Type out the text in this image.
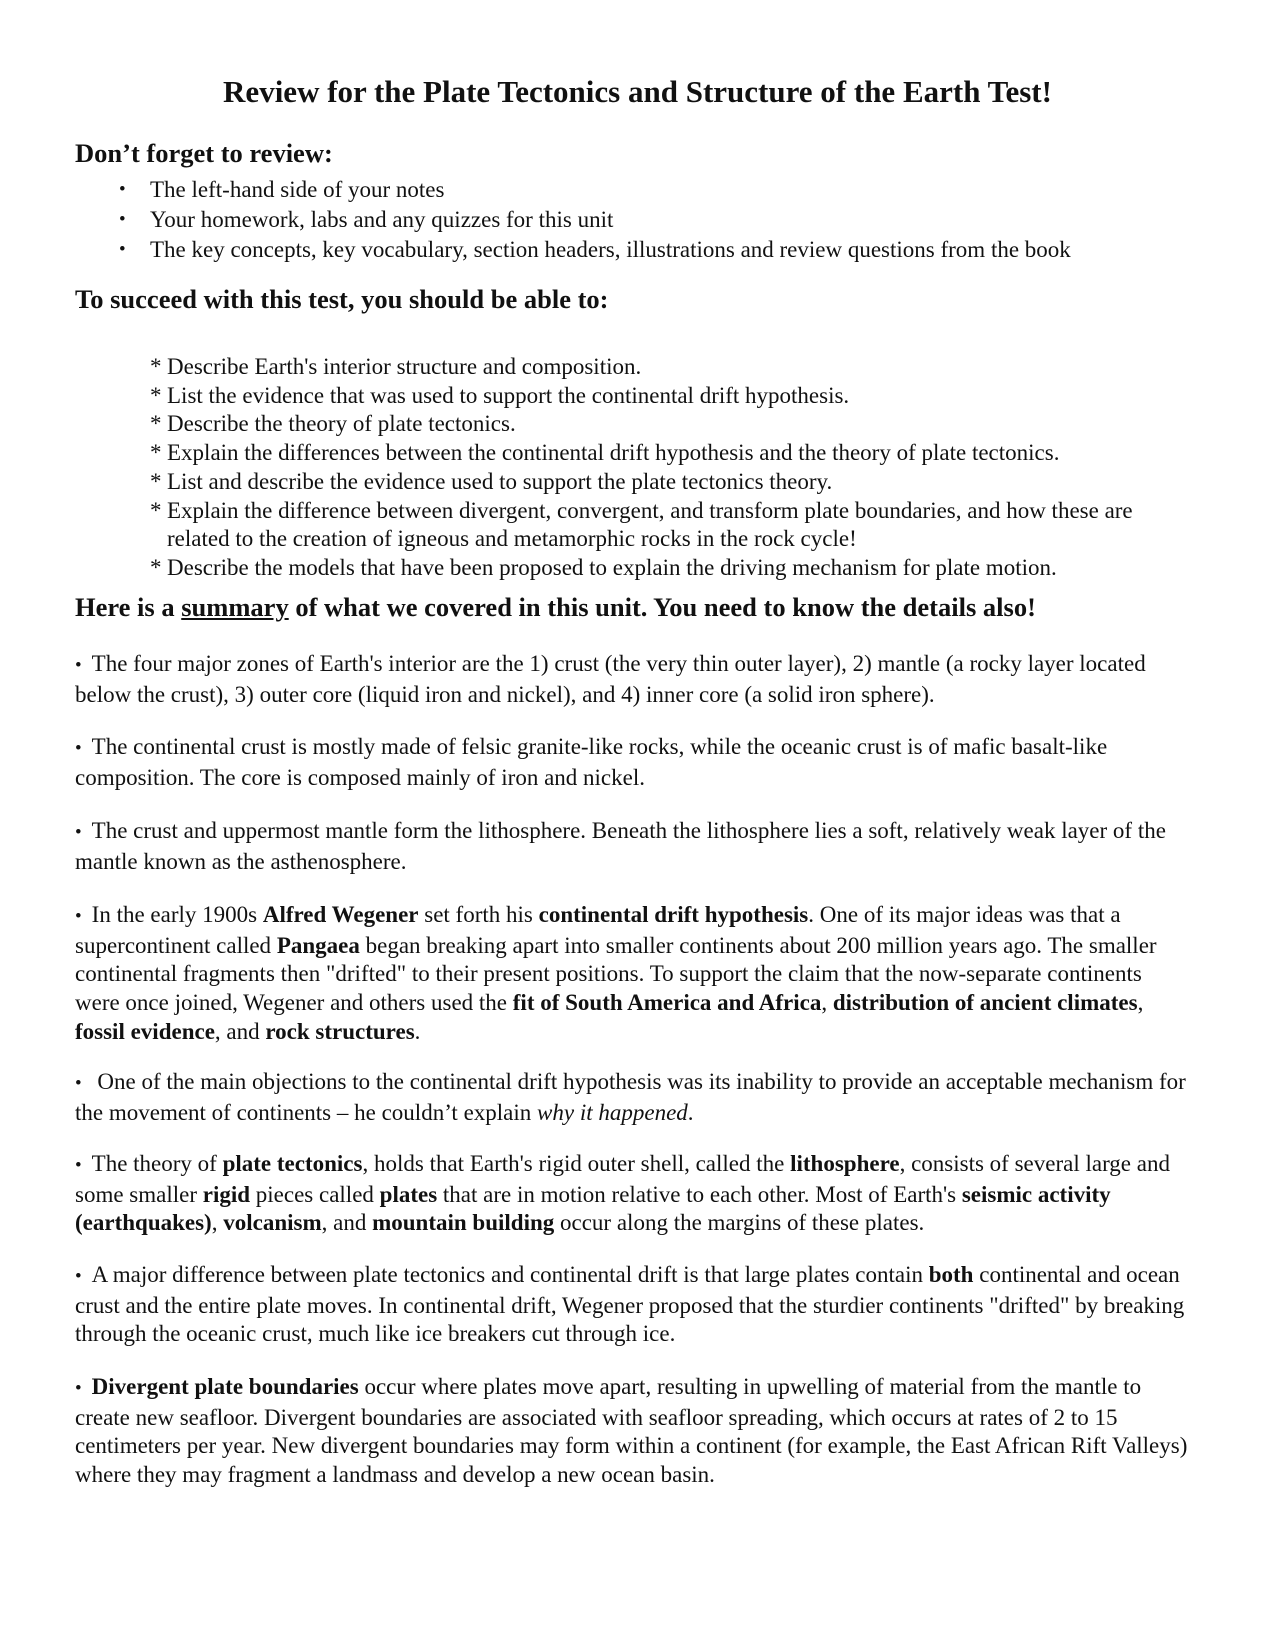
Review for the Plate Tectonics and Structure of the Earth Test!
Don’t forget to review:
• The left-hand side of your notes
• Your homework, labs and any quizzes for this unit
• The key concepts, key vocabulary, section headers, illustrations and review questions from the book
To succeed with this test, you should be able to:
* Describe Earth's interior structure and composition.
* List the evidence that was used to support the continental drift hypothesis.
* Describe the theory of plate tectonics.
* Explain the differences between the continental drift hypothesis and the theory of plate tectonics.
* List and describe the evidence used to support the plate tectonics theory.
* Explain the difference between divergent, convergent, and transform plate boundaries, and how these are related to the creation of igneous and metamorphic rocks in the rock cycle!
* Describe the models that have been proposed to explain the driving mechanism for plate motion.
Here is a summary of what we covered in this unit. You need to know the details also!

• The four major zones of Earth's interior are the 1) crust (the very thin outer layer), 2) mantle (a rocky layer located below the crust), 3) outer core (liquid iron and nickel), and 4) inner core (a solid iron sphere).

• The continental crust is mostly made of felsic granite-like rocks, while the oceanic crust is of mafic basalt-like composition. The core is composed mainly of iron and nickel.

• The crust and uppermost mantle form the lithosphere. Beneath the lithosphere lies a soft, relatively weak layer of the mantle known as the asthenosphere.

• In the early 1900s Alfred Wegener set forth his continental drift hypothesis. One of its major ideas was that a supercontinent called Pangaea began breaking apart into smaller continents about 200 million years ago. The smaller continental fragments then "drifted" to their present positions. To support the claim that the now-separate continents were once joined, Wegener and others used the fit of South America and Africa, distribution of ancient climates, fossil evidence, and rock structures.

• One of the main objections to the continental drift hypothesis was its inability to provide an acceptable mechanism for the movement of continents – he couldn’t explain why it happened.

• The theory of plate tectonics, holds that Earth's rigid outer shell, called the lithosphere, consists of several large and some smaller rigid pieces called plates that are in motion relative to each other. Most of Earth's seismic activity (earthquakes), volcanism, and mountain building occur along the margins of these plates.

• A major difference between plate tectonics and continental drift is that large plates contain both continental and ocean crust and the entire plate moves. In continental drift, Wegener proposed that the sturdier continents "drifted" by breaking through the oceanic crust, much like ice breakers cut through ice.

• Divergent plate boundaries occur where plates move apart, resulting in upwelling of material from the mantle to create new seafloor. Divergent boundaries are associated with seafloor spreading, which occurs at rates of 2 to 15 centimeters per year. New divergent boundaries may form within a continent (for example, the East African Rift Valleys) where they may fragment a landmass and develop a new ocean basin.
